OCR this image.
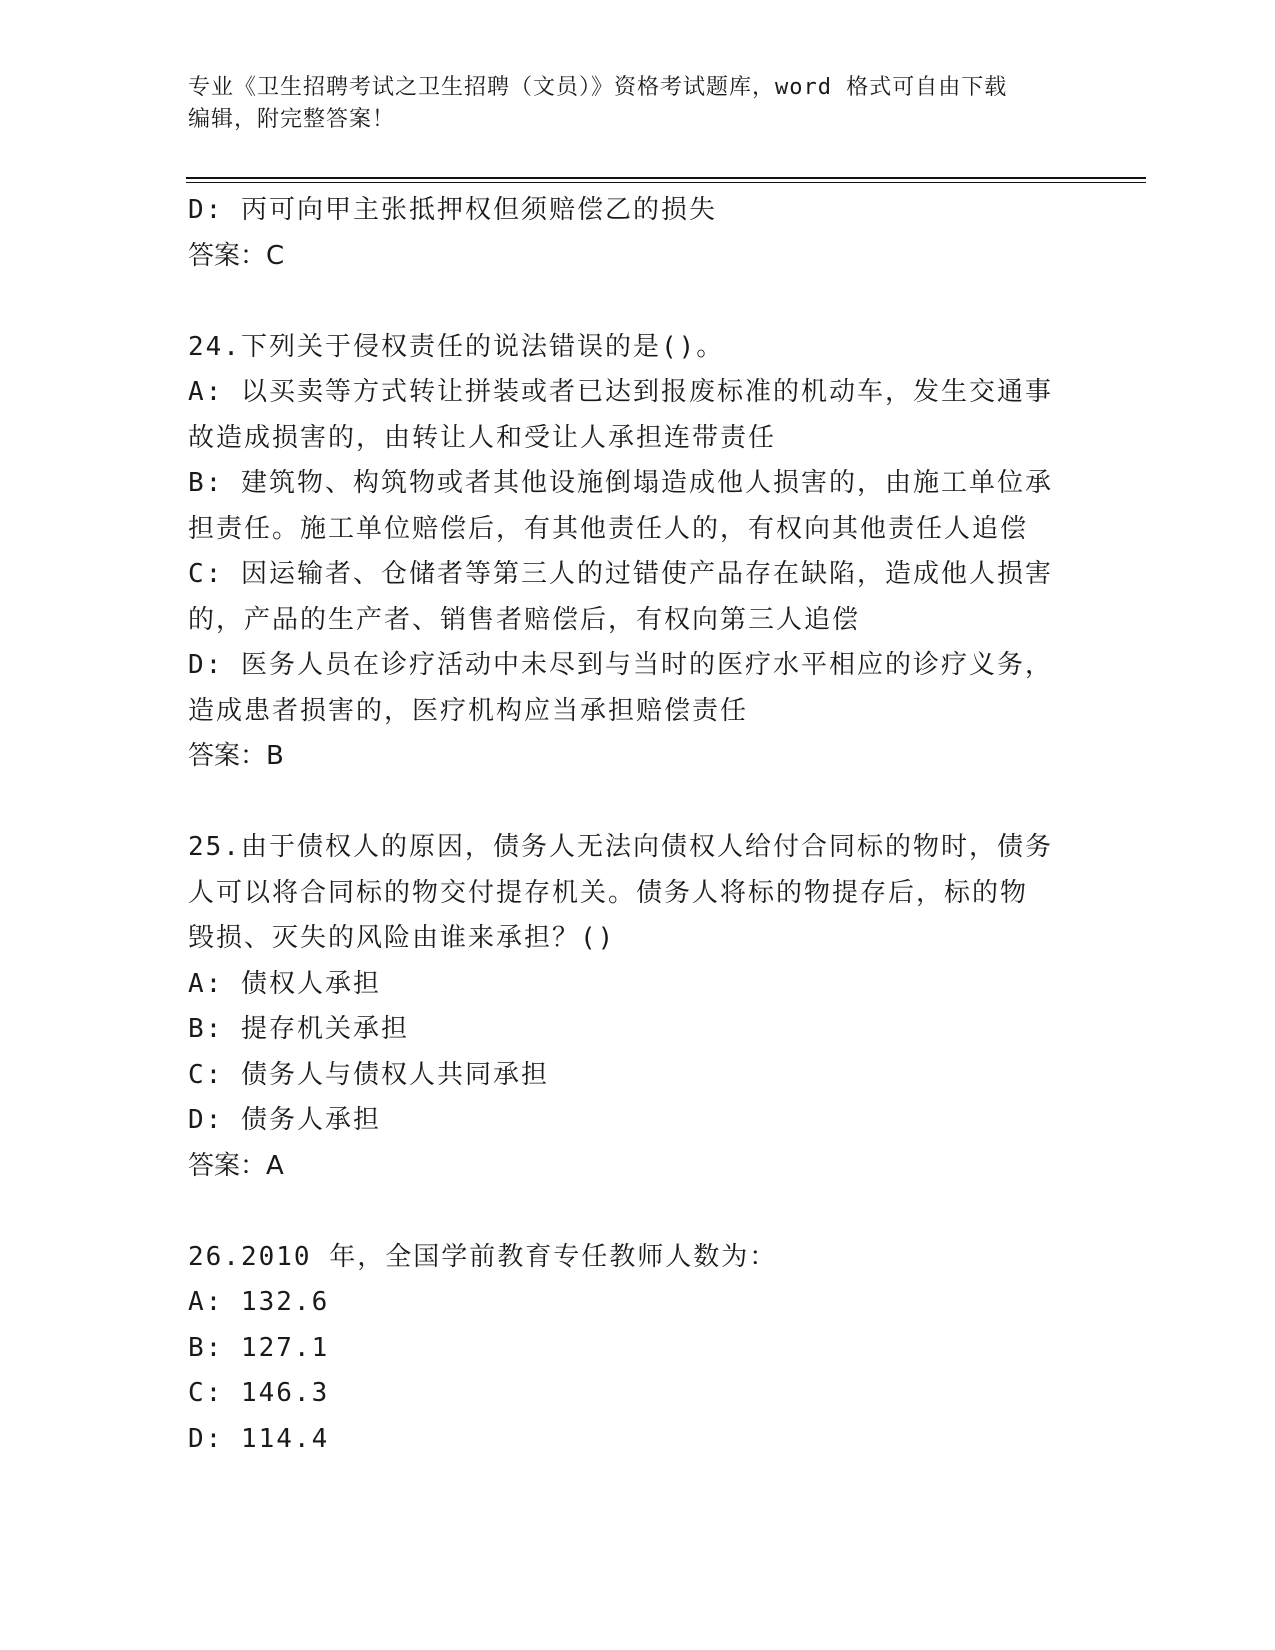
专业《卫生招聘考试之卫生招聘（文员）》资格考试题库，word 格式可自由下载
编辑，附完整答案！
D: 丙可向甲主张抵押权但须赔偿乙的损失
答案：C
24.下列关于侵权责任的说法错误的是()。
A: 以买卖等方式转让拼装或者已达到报废标准的机动车，发生交通事
故造成损害的，由转让人和受让人承担连带责任
B: 建筑物、构筑物或者其他设施倒塌造成他人损害的，由施工单位承
担责任。施工单位赔偿后，有其他责任人的，有权向其他责任人追偿
C: 因运输者、仓储者等第三人的过错使产品存在缺陷，造成他人损害
的，产品的生产者、销售者赔偿后，有权向第三人追偿
D: 医务人员在诊疗活动中未尽到与当时的医疗水平相应的诊疗义务，
造成患者损害的，医疗机构应当承担赔偿责任
答案：B
25.由于债权人的原因，债务人无法向债权人给付合同标的物时，债务
人可以将合同标的物交付提存机关。债务人将标的物提存后，标的物
毁损、灭失的风险由谁来承担？()
A: 债权人承担
B: 提存机关承担
C: 债务人与债权人共同承担
D: 债务人承担
答案：A
26.2010 年，全国学前教育专任教师人数为：
A: 132.6
B: 127.1
C: 146.3
D: 114.4
